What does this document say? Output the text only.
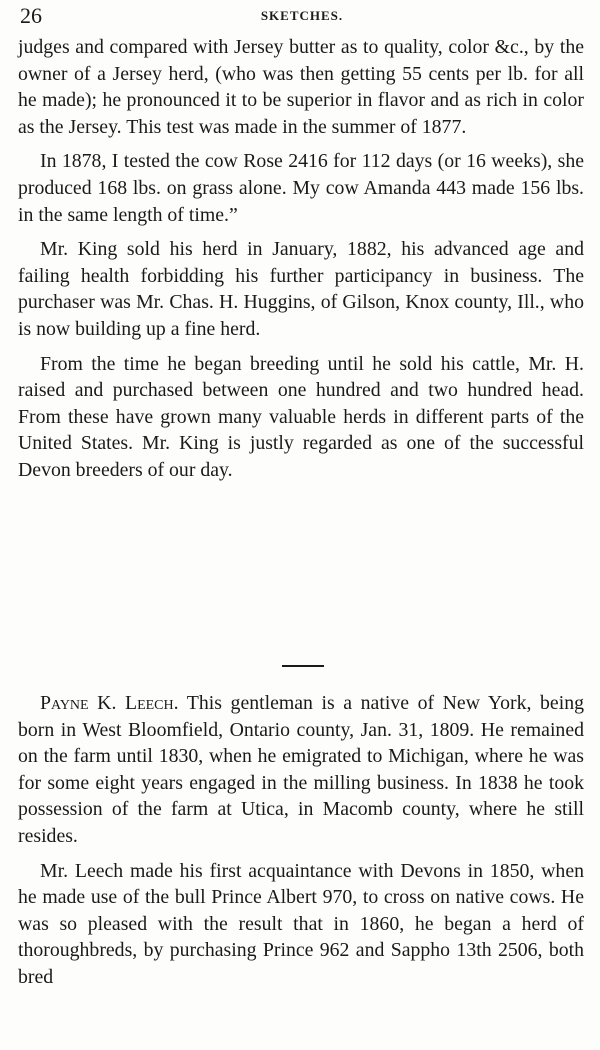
26	SKETCHES.

judges and compared with Jersey butter as to quality, color &c., by the owner of a Jersey herd, (who was then getting 55 cents per lb. for all he made); he pronounced it to be superior in flavor and as rich in color as the Jersey. This test was made in the summer of 1877.

In 1878, I tested the cow Rose 2416 for 112 days (or 16 weeks), she produced 168 lbs. on grass alone. My cow Amanda 443 made 156 lbs. in the same length of time.”

Mr. King sold his herd in January, 1882, his advanced age and failing health forbidding his further participancy in business. The purchaser was Mr. Chas. H. Huggins, of Gilson, Knox county, Ill., who is now building up a fine herd.

From the time he began breeding until he sold his cattle, Mr. H. raised and purchased between one hundred and two hundred head. From these have grown many valuable herds in different parts of the United States. Mr. King is justly regarded as one of the successful Devon breeders of our day.

Payne K. Leech. This gentleman is a native of New York, being born in West Bloomfield, Ontario county, Jan. 31, 1809. He remained on the farm until 1830, when he emigrated to Michigan, where he was for some eight years engaged in the milling business. In 1838 he took possession of the farm at Utica, in Macomb county, where he still resides.

Mr. Leech made his first acquaintance with Devons in 1850, when he made use of the bull Prince Albert 970, to cross on native cows. He was so pleased with the result that in 1860, he began a herd of thoroughbreds, by purchasing Prince 962 and Sappho 13th 2506, both bred
